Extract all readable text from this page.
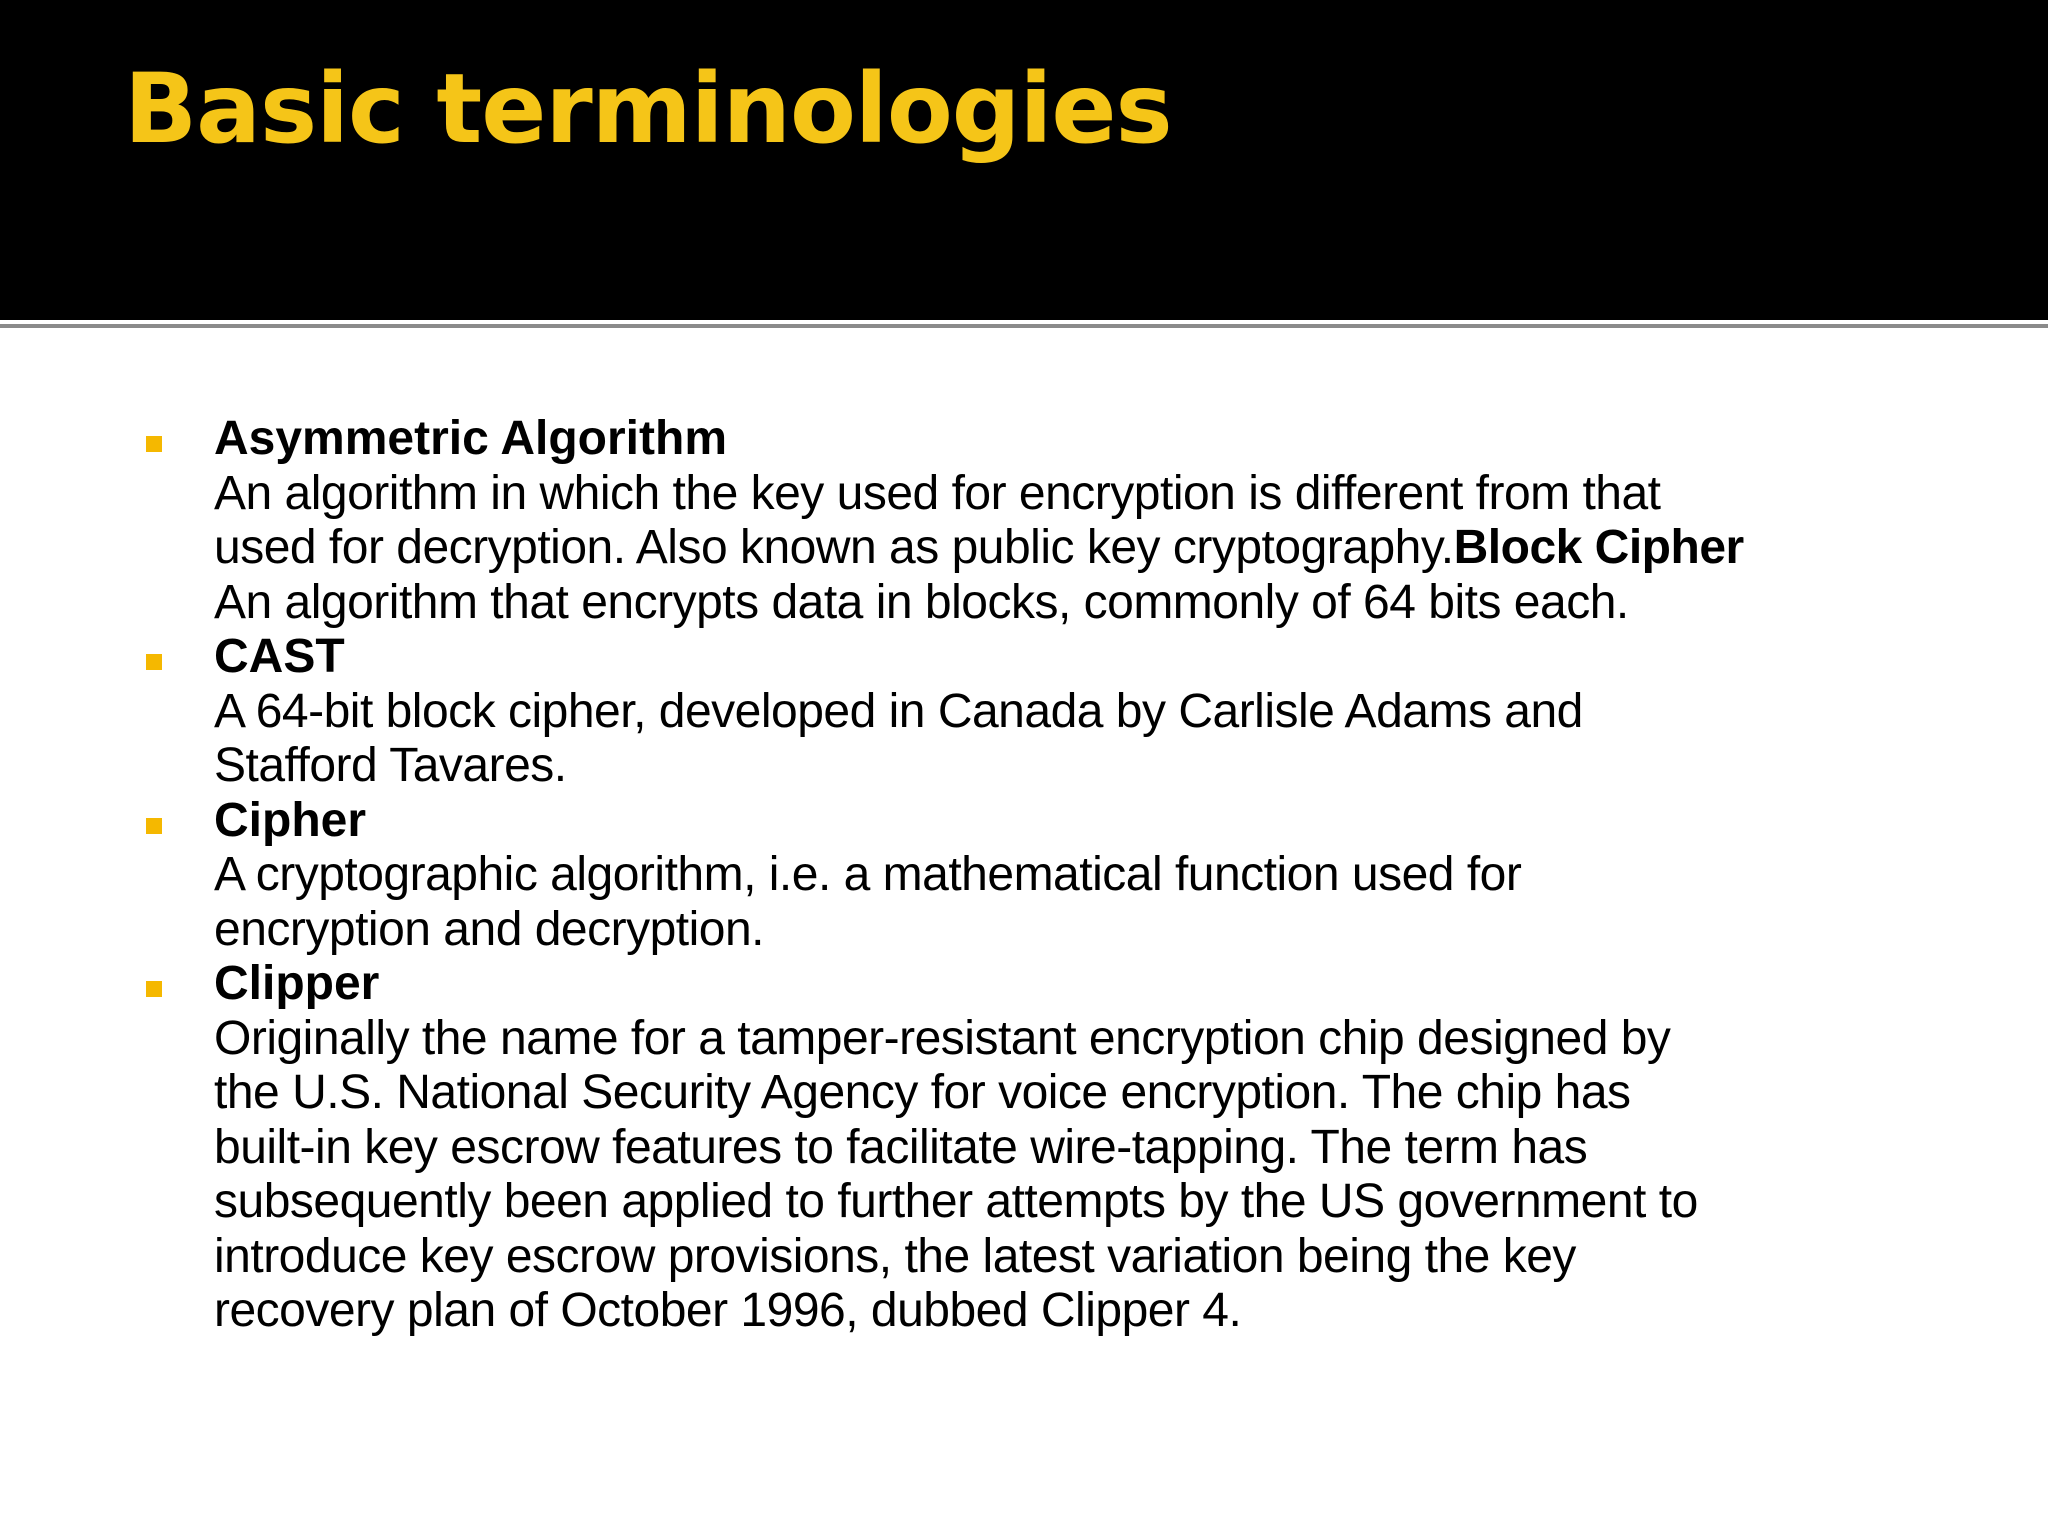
Basic terminologies
Asymmetric Algorithm
An algorithm in which the key used for encryption is different from that
used for decryption. Also known as public key cryptography.Block Cipher
An algorithm that encrypts data in blocks, commonly of 64 bits each.
CAST
A 64-bit block cipher, developed in Canada by Carlisle Adams and
Stafford Tavares.
Cipher
A cryptographic algorithm, i.e. a mathematical function used for
encryption and decryption.
Clipper
Originally the name for a tamper-resistant encryption chip designed by
the U.S. National Security Agency for voice encryption. The chip has
built-in key escrow features to facilitate wire-tapping. The term has
subsequently been applied to further attempts by the US government to
introduce key escrow provisions, the latest variation being the key
recovery plan of October 1996, dubbed Clipper 4.
